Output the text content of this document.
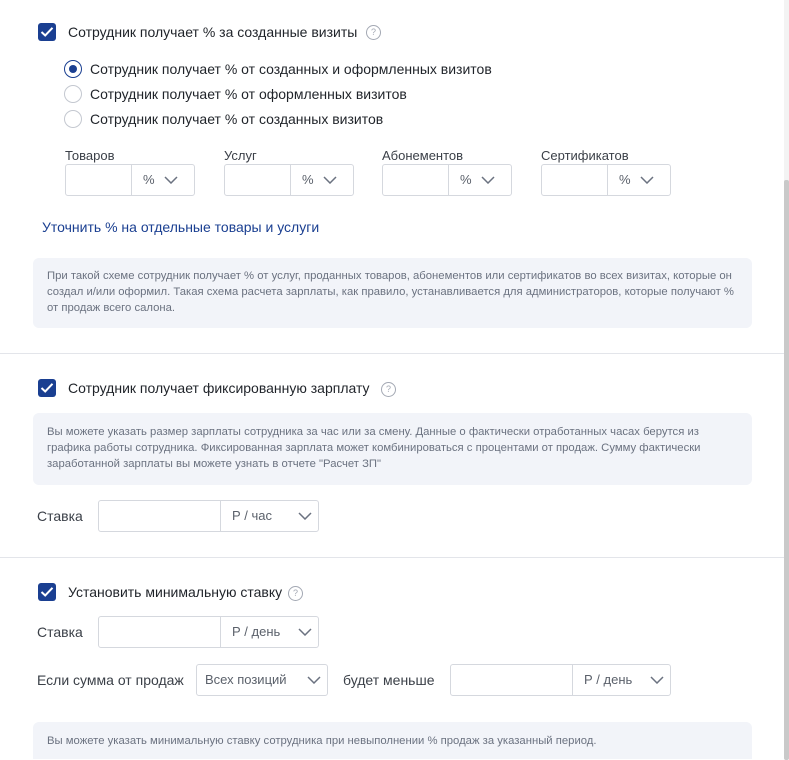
Сотрудник получает % за созданные визиты	?
Сотрудник получает % от созданных и оформленных визитов
Сотрудник получает % от оформленных визитов
Сотрудник получает % от созданных визитов
Товаров
%
Услуг
%
Абонементов
%
Сертификатов
%
Уточнить % на отдельные товары и услуги
При такой схеме сотрудник получает % от услуг, проданных товаров, абонементов или сертификатов во всех визитах, которые он создал и/или оформил. Такая схема расчета зарплаты, как правило, устанавливается для администраторов, которые получают % от продаж всего салона.
Сотрудник получает фиксированную зарплату	?
Вы можете указать размер зарплаты сотрудника за час или за смену. Данные о фактически отработанных часах берутся из графика работы сотрудника. Фиксированная зарплата может комбинироваться с процентами от продаж. Сумму фактически заработанной зарплаты вы можете узнать в отчете "Расчет ЗП"
Ставка	Р / час
Установить минимальную ставку	?
Ставка	Р / день
Если сумма от продаж Всех позиций	будет меньше	Р / день
Вы можете указать минимальную ставку сотрудника при невыполнении % продаж за указанный период.
